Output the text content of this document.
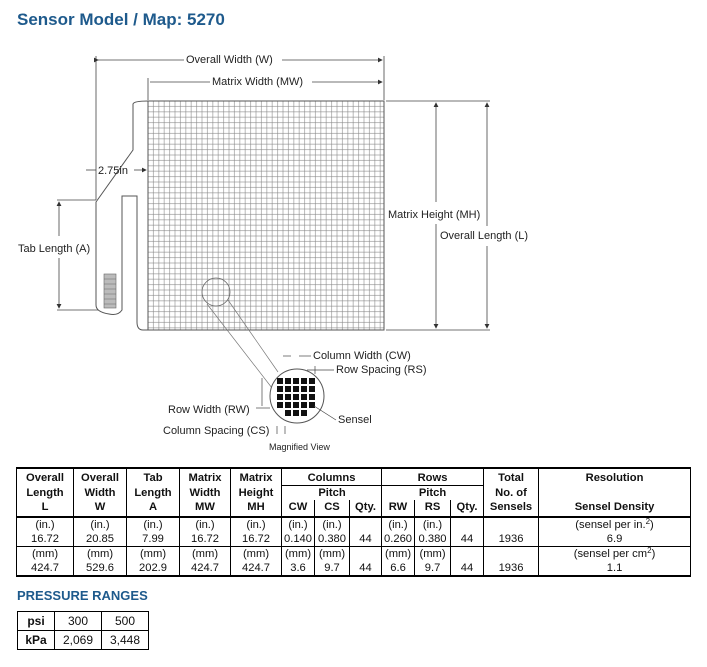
Sensor Model / Map: 5270
Overall Width (W)
Matrix Width (MW)
2.75in
Tab Length (A)
Matrix Height (MH)
Overall Length (L)
Column Width (CW)
Row Spacing (RS)
Row Width (RW)
Sensel
Column Spacing (CS)
Magnified View
Overall	Overall	Tab	Matrix	Matrix	Columns			Rows			Total	Resolution
Length	Width	Length	Width	Height		Pitch			Pitch		No. of	
L	W	A	MW	MH	CW	CS	Qty.	RW	RS	Qty.	Sensels	Sensel Density
(in.)	(in.)	(in.)	(in.)	(in.)	(in.)	(in.)		(in.)	(in.)			(sensel per in.$^2$)
16.72	20.85	7.99	16.72	16.72	0.140	0.380	44	0.260	0.380	44	1936	6.9
(mm)	(mm)	(mm)	(mm)	(mm)	(mm)	(mm)		(mm)	(mm)			(sensel per $cm^2$)
424.7	529.6	202.9	424.7	424.7	3.6	9.7	44	6.6	9.7	44	1936	1.1
PRESSURE RANGES
psi	300	500
kPa	2,069	3,448
